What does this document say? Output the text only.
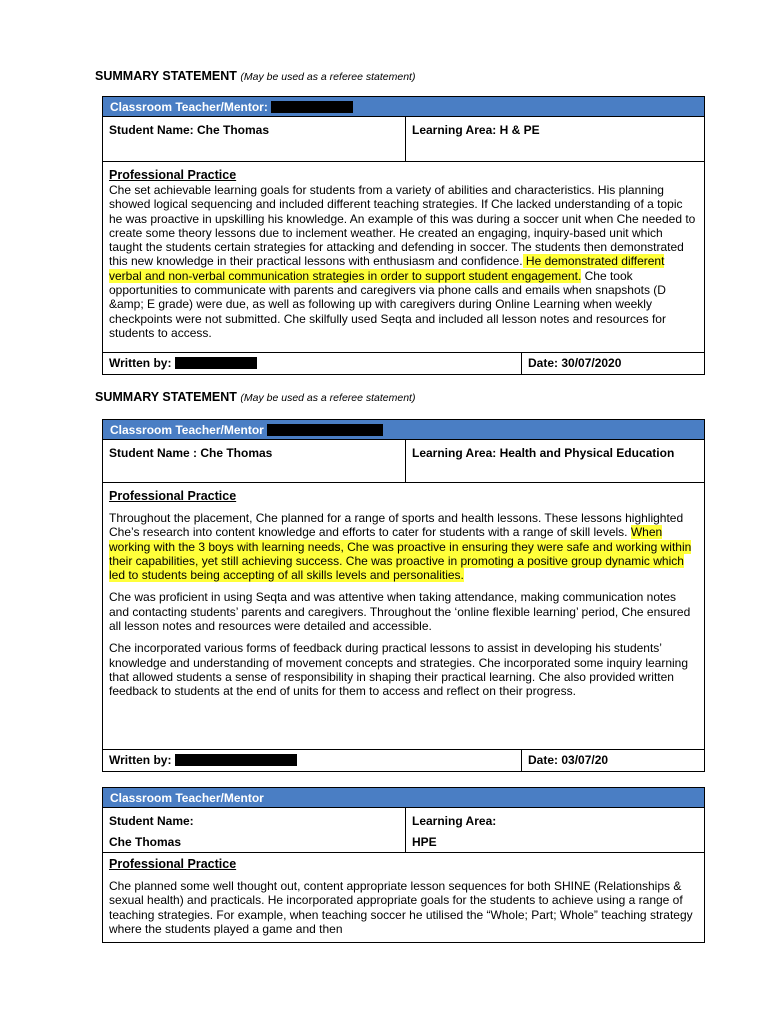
SUMMARY STATEMENT (May be used as a referee statement)
Classroom Teacher/Mentor:
Student Name: Che Thomas	Learning Area: H & PE
Professional Practice

Che set achievable learning goals for students from a variety of abilities and characteristics. His planning showed logical sequencing and included different teaching strategies. If Che lacked understanding of a topic he was proactive in upskilling his knowledge. An example of this was during a soccer unit when Che needed to create some theory lessons due to inclement weather. He created an engaging, inquiry-based unit which taught the students certain strategies for attacking and defending in soccer. The students then demonstrated this new knowledge in their practical lessons with enthusiasm and confidence. He demonstrated different verbal and non-verbal communication strategies in order to support student engagement. Che took opportunities to communicate with parents and caregivers via phone calls and emails when snapshots (D &amp; E grade) were due, as well as following up with caregivers during Online Learning when weekly checkpoints were not submitted. Che skilfully used Seqta and included all lesson notes and resources for students to access.

Written by:	Date: 30/07/2020
SUMMARY STATEMENT (May be used as a referee statement)
Classroom Teacher/Mentor
Student Name : Che Thomas	Learning Area: Health and Physical Education
Professional Practice

Throughout the placement, Che planned for a range of sports and health lessons. These lessons highlighted Che’s research into content knowledge and efforts to cater for students with a range of skill levels. When working with the 3 boys with learning needs, Che was proactive in ensuring they were safe and working within their capabilities, yet still achieving success. Che was proactive in promoting a positive group dynamic which led to students being accepting of all skills levels and personalities.

Che was proficient in using Seqta and was attentive when taking attendance, making communication notes and contacting students’ parents and caregivers. Throughout the ‘online flexible learning’ period, Che ensured all lesson notes and resources were detailed and accessible.

Che incorporated various forms of feedback during practical lessons to assist in developing his students’ knowledge and understanding of movement concepts and strategies. Che incorporated some inquiry learning that allowed students a sense of responsibility in shaping their practical learning. Che also provided written feedback to students at the end of units for them to access and reflect on their progress.

Written by:	Date: 03/07/20
Classroom Teacher/Mentor
Student Name:
Che Thomas
Learning Area:
HPE
Professional Practice

Che planned some well thought out, content appropriate lesson sequences for both SHINE (Relationships & sexual health) and practicals. He incorporated appropriate goals for the students to achieve using a range of teaching strategies. For example, when teaching soccer he utilised the “Whole; Part; Whole” teaching strategy where the students played a game and then
